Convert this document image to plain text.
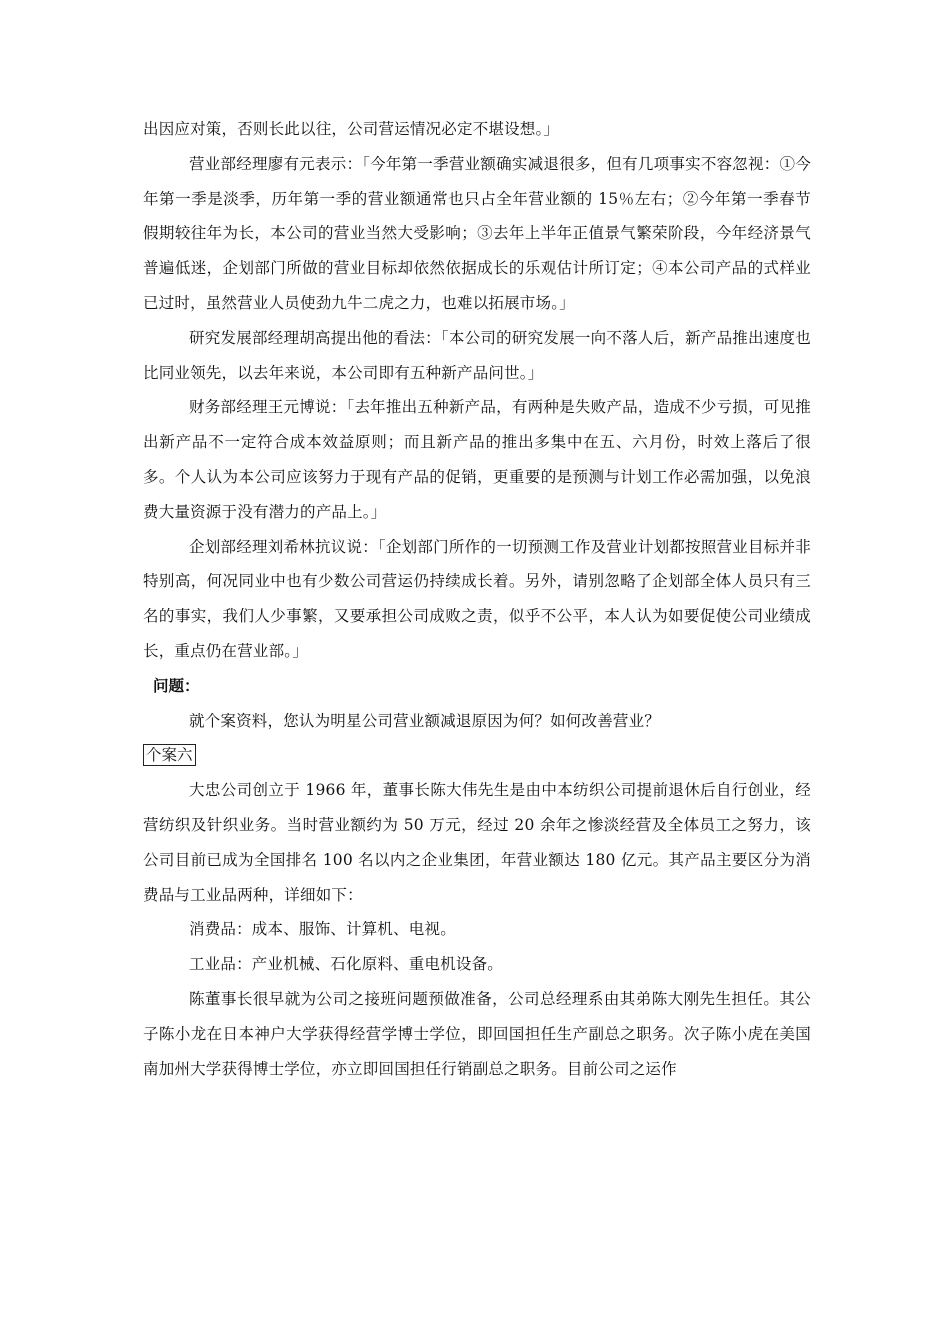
出因应对策，否则长此以往，公司营运情况必定不堪设想。」

营业部经理廖有元表示：「今年第一季营业额确实减退很多，但有几项事实不容忽视：①今年第一季是淡季，历年第一季的营业额通常也只占全年营业额的 15％左右；②今年第一季春节假期较往年为长，本公司的营业当然大受影响；③去年上半年正值景气繁荣阶段，今年经济景气普遍低迷，企划部门所做的营业目标却依然依据成长的乐观估计所订定；④本公司产品的式样业已过时，虽然营业人员使劲九牛二虎之力，也难以拓展市场。」

研究发展部经理胡高提出他的看法：「本公司的研究发展一向不落人后，新产品推出速度也比同业领先，以去年来说，本公司即有五种新产品问世。」

财务部经理王元博说：「去年推出五种新产品，有两种是失败产品，造成不少亏损，可见推出新产品不一定符合成本效益原则；而且新产品的推出多集中在五、六月份，时效上落后了很多。个人认为本公司应该努力于现有产品的促销，更重要的是预测与计划工作必需加强，以免浪费大量资源于没有潜力的产品上。」

企划部经理刘希林抗议说：「企划部门所作的一切预测工作及营业计划都按照营业目标并非特别高，何况同业中也有少数公司营运仍持续成长着。另外，请别忽略了企划部全体人员只有三名的事实，我们人少事繁，又要承担公司成败之责，似乎不公平，本人认为如要促使公司业绩成长，重点仍在营业部。」

问题：

就个案资料，您认为明星公司营业额减退原因为何？如何改善营业？

个案六

大忠公司创立于 1966 年，董事长陈大伟先生是由中本纺织公司提前退休后自行创业，经营纺织及针织业务。当时营业额约为 50 万元，经过 20 余年之惨淡经营及全体员工之努力，该公司目前已成为全国排名 100 名以内之企业集团，年营业额达 180 亿元。其产品主要区分为消费品与工业品两种，详细如下：

消费品：成本、服饰、计算机、电视。

工业品：产业机械、石化原料、重电机设备。

陈董事长很早就为公司之接班问题预做准备，公司总经理系由其弟陈大刚先生担任。其公子陈小龙在日本神户大学获得经营学博士学位，即回国担任生产副总之职务。次子陈小虎在美国南加州大学获得博士学位，亦立即回国担任行销副总之职务。目前公司之运作
